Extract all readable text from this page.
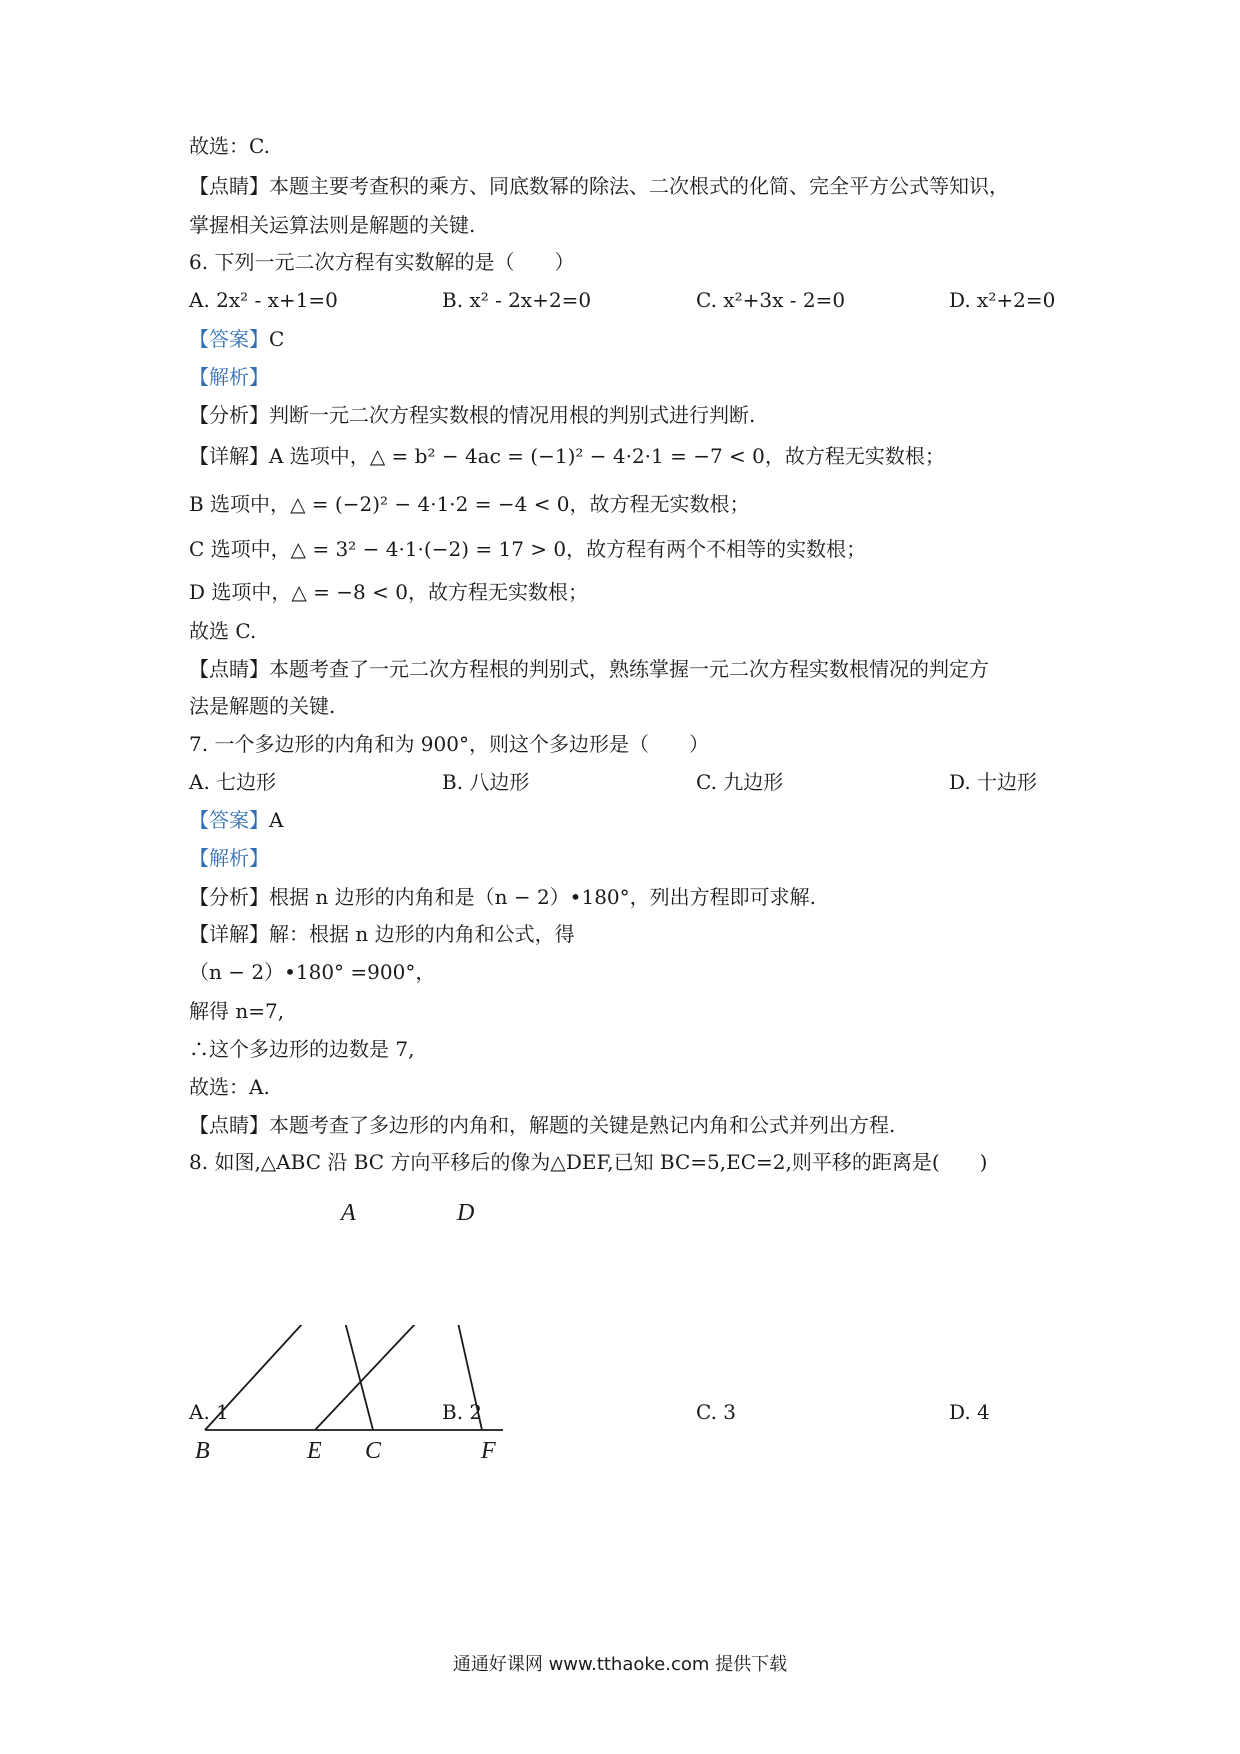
故选：C.
【点睛】本题主要考查积的乘方、同底数幂的除法、二次根式的化简、完全平方公式等知识，
掌握相关运算法则是解题的关键.
6. 下列一元二次方程有实数解的是（　　）
A. 2x² - x+1=0	B. x² - 2x+2=0	C. x²+3x - 2=0	D. x²+2=0
【答案】C
【解析】
【分析】判断一元二次方程实数根的情况用根的判别式进行判断.
【详解】A 选项中，△ = b² − 4ac = (−1)² − 4·2·1 = −7 < 0，故方程无实数根；
B 选项中，△ = (−2)² − 4·1·2 = −4 < 0，故方程无实数根；
C 选项中，△ = 3² − 4·1·(−2) = 17 > 0，故方程有两个不相等的实数根；
D 选项中，△ = −8 < 0，故方程无实数根；
故选 C.
【点睛】本题考查了一元二次方程根的判别式，熟练掌握一元二次方程实数根情况的判定方
法是解题的关键.
7. 一个多边形的内角和为 900°，则这个多边形是（　　）
A. 七边形	B. 八边形	C. 九边形	D. 十边形
【答案】A
【解析】
【分析】根据 n 边形的内角和是（n − 2）•180°，列出方程即可求解.
【详解】解：根据 n 边形的内角和公式，得
（n − 2）•180° =900°，
解得 n=7,
∴这个多边形的边数是 7,
故选：A.
【点睛】本题考查了多边形的内角和，解题的关键是熟记内角和公式并列出方程.
8. 如图,△ABC 沿 BC 方向平移后的像为△DEF,已知 BC=5,EC=2,则平移的距离是(　　)
B	E C	F
A	D
A. 1	B. 2	C. 3	D. 4
通通好课网 www.tthaoke.com 提供下载
